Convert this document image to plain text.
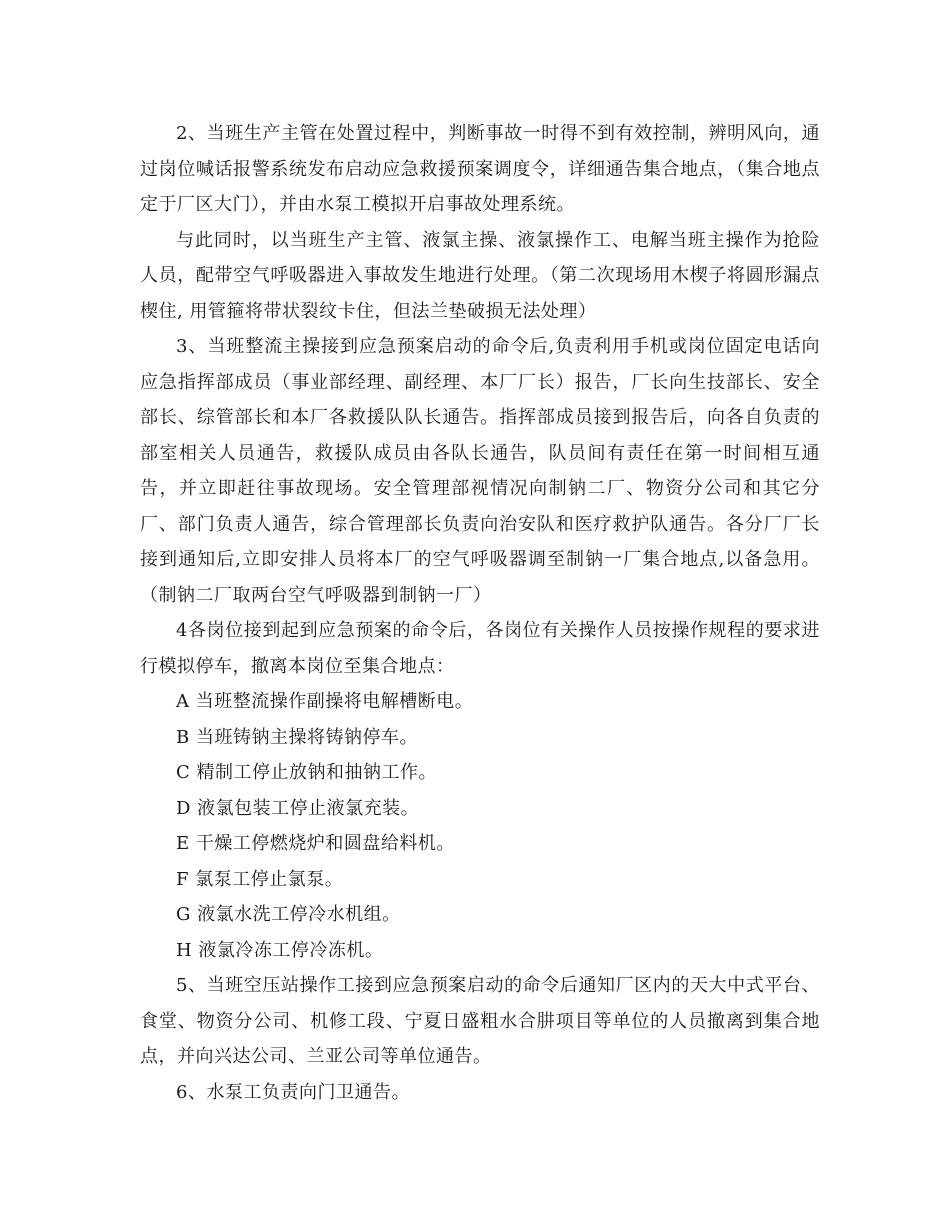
2、当班生产主管在处置过程中，判断事故一时得不到有效控制，辨明风向，通过岗位喊话报警系统发布启动应急救援预案调度令，详细通告集合地点，（集合地点定于厂区大门），并由水泵工模拟开启事故处理系统。

与此同时，以当班生产主管、液氯主操、液氯操作工、电解当班主操作为抢险人员，配带空气呼吸器进入事故发生地进行处理。（第二次现场用木楔子将圆形漏点楔住, 用管箍将带状裂纹卡住，但法兰垫破损无法处理）

3、当班整流主操接到应急预案启动的命令后,负责利用手机或岗位固定电话向应急指挥部成员（事业部经理、副经理、本厂厂长）报告，厂长向生技部长、安全部长、综管部长和本厂各救援队队长通告。指挥部成员接到报告后，向各自负责的部室相关人员通告，救援队成员由各队长通告，队员间有责任在第一时间相互通告，并立即赶往事故现场。安全管理部视情况向制钠二厂、物资分公司和其它分厂、部门负责人通告，综合管理部长负责向治安队和医疗救护队通告。各分厂厂长接到通知后,立即安排人员将本厂的空气呼吸器调至制钠一厂集合地点,以备急用。（制钠二厂取两台空气呼吸器到制钠一厂）

4各岗位接到起到应急预案的命令后，各岗位有关操作人员按操作规程的要求进行模拟停车，撤离本岗位至集合地点：

A 当班整流操作副操将电解槽断电。

B 当班铸钠主操将铸钠停车。

C 精制工停止放钠和抽钠工作。

D 液氯包装工停止液氯充装。

E 干燥工停燃烧炉和圆盘给料机。

F 氯泵工停止氯泵。

G 液氯水洗工停冷水机组。

H 液氯冷冻工停冷冻机。

5、当班空压站操作工接到应急预案启动的命令后通知厂区内的天大中式平台、食堂、物资分公司、机修工段、宁夏日盛粗水合肼项目等单位的人员撤离到集合地点，并向兴达公司、兰亚公司等单位通告。

6、水泵工负责向门卫通告。
